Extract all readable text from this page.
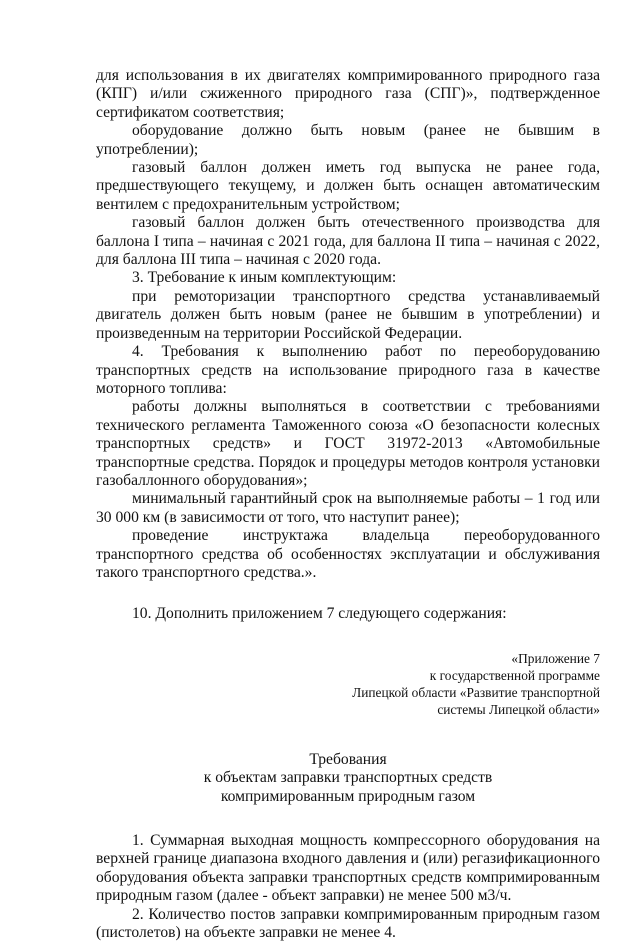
для использования в их двигателях компримированного природного газа (КПГ) и/или сжиженного природного газа (СПГ)», подтвержденное сертификатом соответствия;

оборудование должно быть новым (ранее не бывшим в употреблении);

газовый баллон должен иметь год выпуска не ранее года, предшествующего текущему, и должен быть оснащен автоматическим вентилем с предохранительным устройством;

газовый баллон должен быть отечественного производства для баллона I типа – начиная с 2021 года, для баллона II типа – начиная с 2022, для баллона III типа – начиная с 2020 года.

3. Требование к иным комплектующим:

при ремоторизации транспортного средства устанавливаемый двигатель должен быть новым (ранее не бывшим в употреблении) и произведенным на территории Российской Федерации.

4. Требования к выполнению работ по переоборудованию транспортных средств на использование природного газа в качестве моторного топлива:

работы должны выполняться в соответствии с требованиями технического регламента Таможенного союза «О безопасности колесных транспортных средств» и ГОСТ 31972-2013 «Автомобильные транспортные средства. Порядок и процедуры методов контроля установки газобаллонного оборудования»;

минимальный гарантийный срок на выполняемые работы – 1 год или 30 000 км (в зависимости от того, что наступит ранее);

проведение инструктажа владельца переоборудованного транспортного средства об особенностях эксплуатации и обслуживания такого транспортного средства.».

10. Дополнить приложением 7 следующего содержания:

«Приложение 7
к государственной программе
Липецкой области «Развитие транспортной
системы Липецкой области»
Требования
к объектам заправки транспортных средств
компримированным природным газом

1. Суммарная выходная мощность компрессорного оборудования на верхней границе диапазона входного давления и (или) регазификационного оборудования объекта заправки транспортных средств компримированным природным газом (далее - объект заправки) не менее 500 м3/ч.

2. Количество постов заправки компримированным природным газом (пистолетов) на объекте заправки не менее 4.
